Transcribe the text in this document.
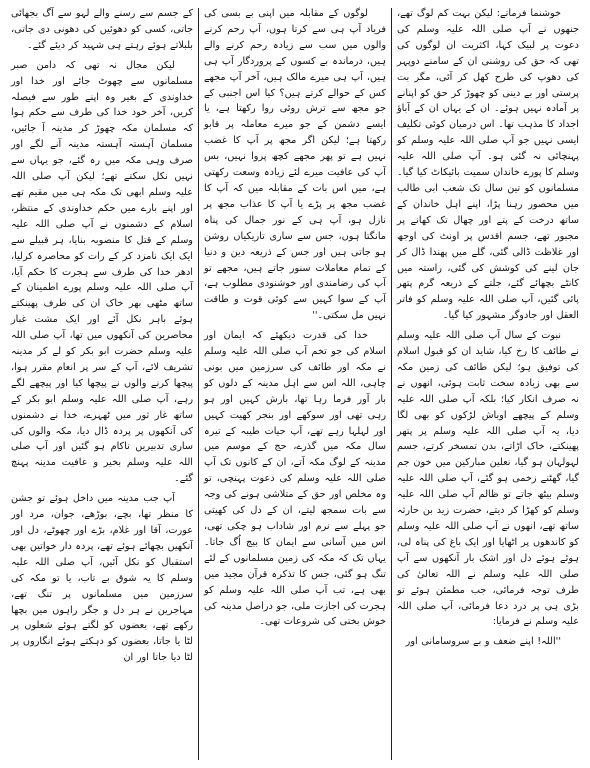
خوشنما فرماتے: لیکن بہت کم لوگ تھے، جنھوں نے آپ صلی اللہ علیہ وسلم کی دعوت پر لبیک کہا، اکثریت ان لوگوں کی تھی کہ حق کی روشنی ان کے سامنے دوپہر کی دھوپ کی طرح کھل کر آئی، مگر بت پرستی اور بے دینی کو چھوڑ کر حق کو اپنانے پر آمادہ نہیں ہوئے۔ ان کے یہاں ان کے آباؤ اجداد کا مذہب تھا۔ اس درمیان کوئی تکلیف ایسی نہیں جو آپ صلی اللہ علیہ وسلم کو پہنچائی نہ گئی ہو۔ آپ صلی اللہ علیہ وسلم کا پورے خاندان سمیت بائیکاٹ کیا گیا۔ مسلمانوں کو تین سال تک شعب ابی طالب میں محصور رہنا پڑا، اپنے اہل خاندان کے ساتھ درخت کے پتے اور چھال تک کھانے پر مجبور تھے، جسم اقدس پر اونٹ کی اوجھ اور غلاظت ڈالی گئی، گلے میں پھندا ڈال کر جان لینے کی کوشش کی گئی، راستہ میں کانٹے بچھائے گئے، جلتے کے ذریعہ گرم پتھر پائی گئیں، آپ صلی اللہ علیہ وسلم کو فاتر العقل اور جادوگر مشہور کیا گیا۔

نبوت کے سال آپ صلی اللہ علیہ وسلم نے طائف کا رخ کیا، شاید ان کو قبول اسلام کی توفیق ہو؛ لیکن طائف کی زمین مکہ سے بھی زیادہ سخت ثابت ہوئی، انھوں نے نہ صرف انکار کیا؛ بلکہ آپ صلی اللہ علیہ وسلم کے پیچھے اوباش لڑکوں کو بھی لگا دیا، یہ آپ صلی اللہ علیہ وسلم پر پتھر پھینکتے، خاک اڑاتے، بدن تمسخر کرتے، جسم لہولہان ہو گیا، نعلین مبارکین میں خون جم گیا، گھٹنے زخمی ہو گئے، آپ صلی اللہ علیہ وسلم بیٹھ جاتے تو ظالم آپ صلی اللہ علیہ وسلم کو کھڑا کر دیتے، حضرت زید بن حارثہ ساتھ تھے، انھوں نے آپ صلی اللہ علیہ وسلم کو کاندھوں پر اٹھایا اور ایک باغ کی پناہ لی، ہوئے ہوئے دل اور اشک بار آنکھوں سے آپ صلی اللہ علیہ وسلم نے اللہ تعالیٰ کی طرف توجہ فرمائی، جب مطمئن ہوئے تو بڑی ہی پر درد دعا فرمائی، آپ صلی اللہ علیہ وسلم نے فرمایا:

''اللہ! اپنے ضعف و بے سروسامانی اور

لوگوں کے مقابلہ میں اپنی بے بسی کی فریاد آپ ہی سے کرتا ہوں، آپ رحم کرنے والوں میں سب سے زیادہ رحم کرنے والے ہیں، درماندہ بے کسوں کے پروردگار آپ ہی ہیں، آپ ہی میرے مالک ہیں، آخر آپ مجھے کس کے حوالے کرتے ہیں؟ کیا اس اجنبی کے جو مجھ سے ترش روئی روا رکھتا ہے، یا ایسے دشمن کے جو میرے معاملہ پر قابو رکھتا ہے؛ لیکن اگر مجھ پر آپ کا غضب نہیں ہے تو پھر مجھے کچھ پروا نہیں، بس آپ کی عافیت میرے لئے زیادہ وسعت رکھتی ہے، میں اس بات کے مقابلہ میں کہ آپ کا غضب مجھ پر پڑے یا آپ کا عذاب مجھ پر نازل ہو، آپ ہی کے نور جمال کی پناہ مانگتا ہوں، جس سے ساری تاریکیاں روشن ہو جاتی ہیں اور جس کے ذریعہ دین و دنیا کے تمام معاملات سنور جاتے ہیں، مجھے تو آپ کی رضامندی اور خوشنودی مطلوب ہے، آپ کے سوا کہیں سے کوئی قوت و طاقت نہیں مل سکتی۔''

خدا کی قدرت دیکھئے کہ ایمان اور اسلام کی جو تخم آپ صلی اللہ علیہ وسلم نے مکہ اور طائف کی سرزمین میں بونی چاہی، اللہ اس سے اہل مدینہ کے دلوں کو بار آور فرما رہا تھا، بارش کہیں اور ہو رہی تھی اور سوکھے اور بنجر کھیت کہیں اور لہلہا رہے تھے، آپ حیات طیبہ کے تیرہ سال مکہ میں گذرے، حج کے موسم میں مدینہ کے لوگ مکہ آتے، ان کے کانوں تک آپ صلی اللہ علیہ وسلم کی دعوت پہنچی، تو وہ مخلص اور حق کے متلاشی ہونے کی وجہ سے بات سمجھ لیتے، ان کے دل کی کھیتی جو پہلے سے نرم اور شاداب ہو چکی تھی، اس میں آسانی سے ایمان کا بیج اُگ جاتا۔ یہاں تک کہ مکہ کی زمین مسلمانوں کے لئے تنگ ہو گئی، جس کا تذکرہ قرآن مجید میں بھی ہے، تب آپ صلی اللہ علیہ وسلم کو ہجرت کی اجازت ملی، جو دراصل مدینہ کی خوش بختی کی شروعات تھی۔

کے جسم سے رسنے والے لہو سے آگ بجھائی جاتی، کسی کو دھوئیں کی دھونی دی جاتی، بلبلاتے ہوئے رہتے ہی شہید کر دیئے گئے۔

لیکن مجال نہ تھی کہ دامن صبر مسلمانوں سے چھوٹ جائے اور خدا اور خداوندی کے بغیر وہ اپنے طور سے فیصلہ کریں، آخر خود خدا کی طرف سے حکم ہوا کہ مسلمان مکہ چھوڑ کر مدینہ آ جائیں، مسلمان آہستہ آہستہ مدینہ آنے لگے اور صرف وہی مکہ میں رہ گئے، جو یہاں سے نہیں نکل سکتے تھے؛ لیکن آپ صلی اللہ علیہ وسلم ابھی تک مکہ ہی میں مقیم تھے اور اپنے بارے میں حکم خداوندی کے منتظر، اسلام کے دشمنوں نے آپ صلی اللہ علیہ وسلم کے قتل کا منصوبہ بنایا، ہر قبیلے سے ایک ایک نامزد کر کے رات کو محاصرہ کرلیا، ادھر خدا کی طرف سے ہجرت کا حکم آیا، آپ صلی اللہ علیہ وسلم پورے اطمینان کے ساتھ مٹھی بھر خاک ان کی طرف پھینکتے ہوئے باہر نکل آئے اور ایک مشت غبار محاصرین کی آنکھوں میں تھا، آپ صلی اللہ علیہ وسلم حضرت ابو بکر کو لے کر مدینہ تشریف لائے، آپ کے سر پر انعام مقرر ہوا، پیچھا کرنے والوں نے پیچھا کیا اور پیچھے لگے رہے، آپ صلی اللہ علیہ وسلم ابو بکر کے ساتھ غار ثور میں ٹھہرے، خدا نے دشمنوں کی آنکھوں پر پردہ ڈال دیا، مکہ والوں کی ساری تدبیریں ناکام ہو گئیں اور آپ صلی اللہ علیہ وسلم بخیر و عافیت مدینہ پہنچ گئے۔

آپ جب مدینہ میں داخل ہوئے تو جشن کا منظر تھا، بچے، بوڑھے، جوان، مرد اور عورت، آقا اور غلام، بڑے اور چھوٹے، دل اور آنکھیں بچھائے ہوئے تھے، پردہ دار خواتین بھی استقبال کو نکل آئیں، آپ صلی اللہ علیہ وسلم کا یہ شوق بے تاب، یا تو مکہ کی سرزمین میں مسلمانوں پر تنگ تھے، مہاجرین نے ہر دل و جگر راہوں میں بچھا رکھے تھے، بعضوں کو لگتے ہوئے شعلوں پر لٹا یا جاتا، بعضوں کو دہکتے ہوئے انگاروں پر لٹا دیا جاتا اور ان
